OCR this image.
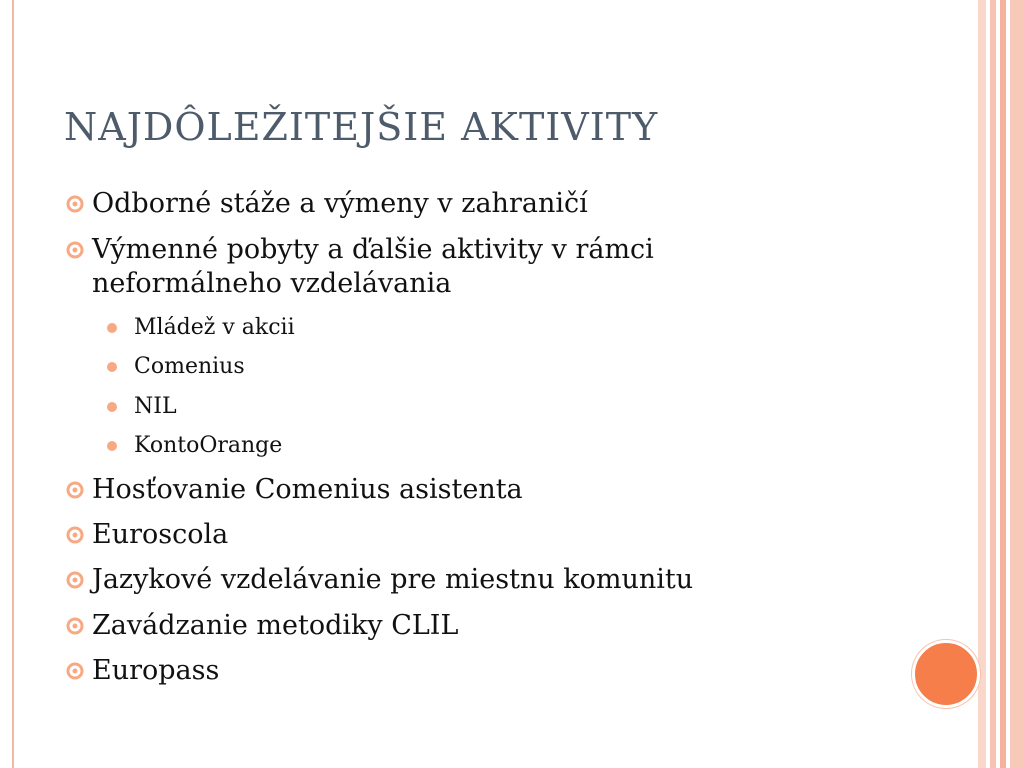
NAJDÔLEŽITEJŠIE AKTIVITY
Odborné stáže a výmeny v zahraničí
Výmenné pobyty a ďalšie aktivity v rámci
neformálneho vzdelávania
Mládež v akcii
Comenius
NIL
KontoOrange
Hosťovanie Comenius asistenta
Euroscola
Jazykové vzdelávanie pre miestnu komunitu
Zavádzanie metodiky CLIL
Europass
